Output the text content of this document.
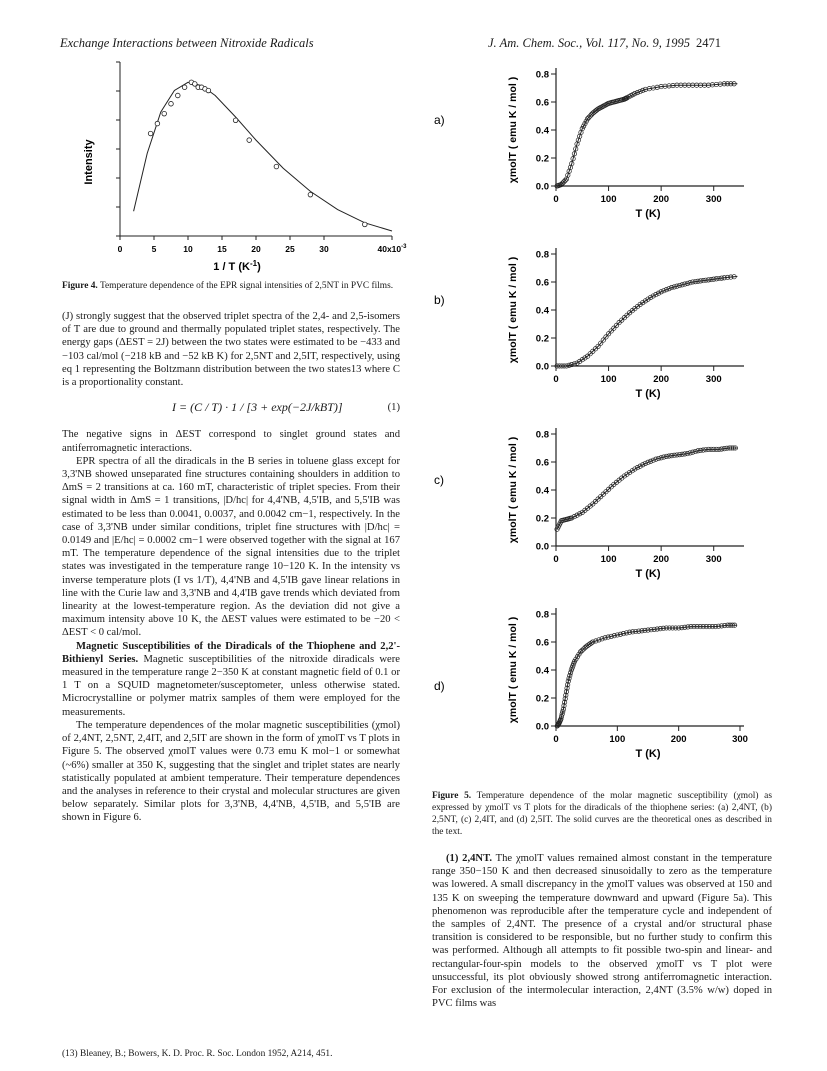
Exchange Interactions between Nitroxide Radicals	J. Am. Chem. Soc., Vol. 117, No. 9, 1995 2471
Intensity
0	5	10	15	20	25	30	$40x10^{-3}$
1 / T $(K^{-1})$
Figure 4. Temperature dependence of the EPR signal intensities of 2,5NT in PVC films.

(J) strongly suggest that the observed triplet spectra of the 2,4- and 2,5-isomers of T are due to ground and thermally populated triplet states, respectively. The energy gaps (ΔEST = 2J) between the two states were estimated to be −433 and −103 cal/mol (−218 kB and −52 kB K) for 2,5NT and 2,5IT, respectively, using eq 1 representing the Boltzmann distribution between the two states13 where C is a proportionality constant.

I = (C / T) · 1 / [3 + exp(−2J/kBT)]	(1)

The negative signs in ΔEST correspond to singlet ground states and antiferromagnetic interactions.

EPR spectra of all the diradicals in the B series in toluene glass except for 3,3'NB showed unseparated fine structures containing shoulders in addition to ΔmS = 2 transitions at ca. 160 mT, characteristic of triplet species. From their signal width in ΔmS = 1 transitions, |D/hc| for 4,4'NB, 4,5'IB, and 5,5'IB was estimated to be less than 0.0041, 0.0037, and 0.0042 cm−1, respectively. In the case of 3,3'NB under similar conditions, triplet fine structures with |D/hc| = 0.0149 and |E/hc| = 0.0002 cm−1 were observed together with the signal at 167 mT. The temperature dependence of the signal intensities due to the triplet states was investigated in the temperature range 10−120 K. In the intensity vs inverse temperature plots (I vs 1/T), 4,4'NB and 4,5'IB gave linear relations in line with the Curie law and 3,3'NB and 4,4'IB gave trends which deviated from linearity at the lowest-temperature region. As the deviation did not give a maximum intensity above 10 K, the ΔEST values were estimated to be −20 < ΔEST < 0 cal/mol.

Magnetic Susceptibilities of the Diradicals of the Thiophene and 2,2'-Bithienyl Series. Magnetic susceptibilities of the nitroxide diradicals were measured in the temperature range 2−350 K at constant magnetic field of 0.1 or 1 T on a SQUID magnetometer/susceptometer, unless otherwise stated. Microcrystalline or polymer matrix samples of them were employed for the measurements.

The temperature dependences of the molar magnetic susceptibilities (χmol) of 2,4NT, 2,5NT, 2,4IT, and 2,5IT are shown in the form of χmolT vs T plots in Figure 5. The observed χmolT values were 0.73 emu K mol−1 or somewhat (~6%) smaller at 350 K, suggesting that the singlet and triplet states are nearly statistically populated at ambient temperature. Their temperature dependences and the analyses in reference to their crystal and molecular structures are given below separately. Similar plots for 3,3'NB, 4,4'NB, 4,5'IB, and 5,5'IB are shown in Figure 6.

(13) Bleaney, B.; Bowers, K. D. Proc. R. Soc. London 1952, A214, 451.
a)	χmolT ( emu K / mol )
0.0
0.2
0.4
0.6
0.8
0	100	200	300
T (K)
b)	χmolT ( emu K / mol )
0.0
0.2
0.4
0.6
0.8
0	100	200	300
T (K)
c)	χmolT ( emu K / mol )
0.0
0.2
0.4
0.6
0.8
0	100	200	300
T (K)
d)	χmolT ( emu K / mol )
0.0
0.2
0.4
0.6
0.8
0	100	200	300
T (K)
Figure 5. Temperature dependence of the molar magnetic susceptibility (χmol) as expressed by χmolT vs T plots for the diradicals of the thiophene series: (a) 2,4NT, (b) 2,5NT, (c) 2,4IT, and (d) 2,5IT. The solid curves are the theoretical ones as described in the text.

(1) 2,4NT. The χmolT values remained almost constant in the temperature range 350−150 K and then decreased sinusoidally to zero as the temperature was lowered. A small discrepancy in the χmolT values was observed at 150 and 135 K on sweeping the temperature downward and upward (Figure 5a). This phenomenon was reproducible after the temperature cycle and independent of the samples of 2,4NT. The presence of a crystal and/or structural phase transition is considered to be responsible, but no further study to confirm this was performed. Although all attempts to fit possible two-spin and linear- and rectangular-four-spin models to the observed χmolT vs T plot were unsuccessful, its plot obviously showed strong antiferromagnetic interaction. For exclusion of the intermolecular interaction, 2,4NT (3.5% w/w) doped in PVC films was
